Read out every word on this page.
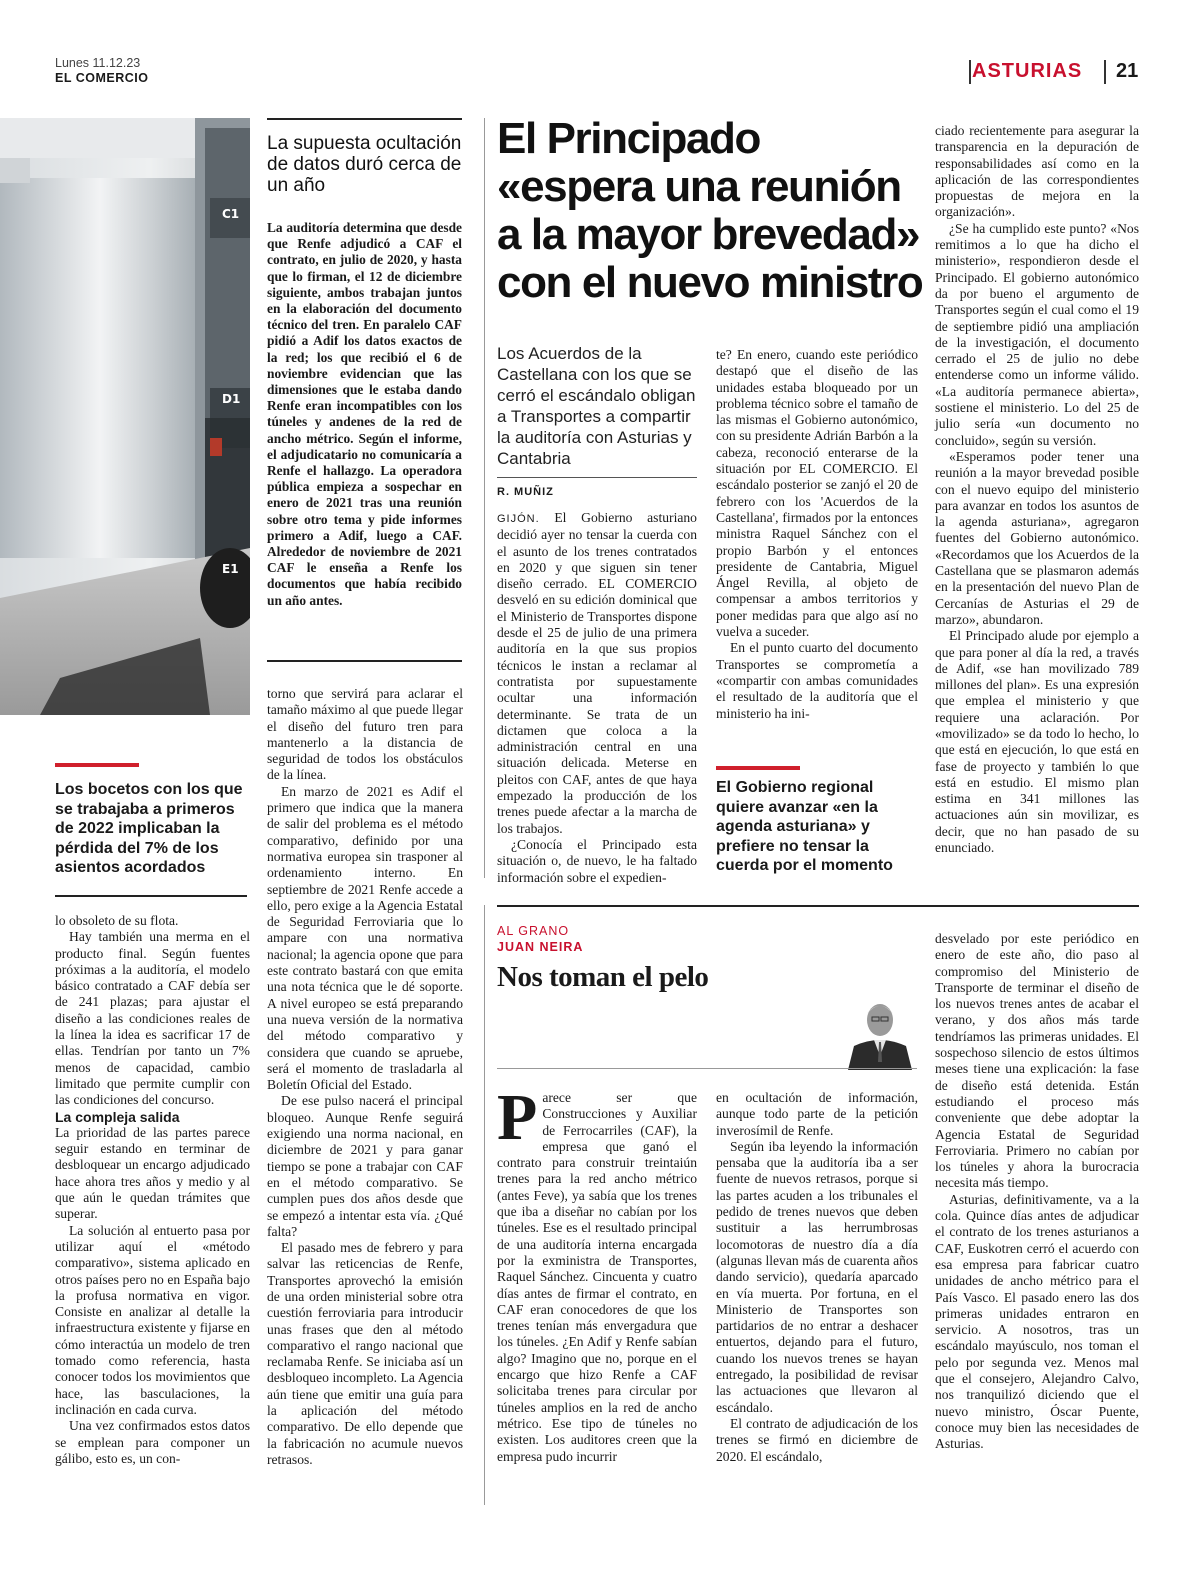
Lunes 11.12.23
EL COMERCIO	ASTURIAS 21
C1
D1
E1
La supuesta ocultación de datos duró cerca de un año
La auditoría determina que desde que Renfe adjudicó a CAF el contrato, en julio de 2020, y hasta que lo firman, el 12 de diciembre siguiente, ambos trabajan juntos en la elaboración del documento técnico del tren. En paralelo CAF pidió a Adif los datos exactos de la red; los que recibió el 6 de noviembre evidencian que las dimensiones que le estaba dando Renfe eran incompatibles con los túneles y andenes de la red de ancho métrico. Según el informe, el adjudicatario no comunicaría a Renfe el hallazgo. La operadora pública empieza a sospechar en enero de 2021 tras una reunión sobre otro tema y pide informes primero a Adif, luego a CAF. Alrededor de noviembre de 2021 CAF le enseña a Renfe los documentos que había recibido un año antes.
El Principado «espera una reunión a la mayor brevedad» con el nuevo ministro
Los Acuerdos de la Castellana con los que se cerró el escándalo obligan a Transportes a compartir la auditoría con Asturias y Cantabria
R. MUÑIZ

GIJÓN. El Gobierno asturiano decidió ayer no tensar la cuerda con el asunto de los trenes contratados en 2020 y que siguen sin tener diseño cerrado. EL COMERCIO desveló en su edición dominical que el Ministerio de Transportes dispone desde el 25 de julio de una primera auditoría en la que sus propios técnicos le instan a reclamar al contratista por supuestamente ocultar una información determinante. Se trata de un dictamen que coloca a la administración central en una situación delicada. Meterse en pleitos con CAF, antes de que haya empezado la producción de los trenes puede afectar a la marcha de los trabajos.

¿Conocía el Principado esta situación o, de nuevo, le ha faltado información sobre el expedien-

te? En enero, cuando este periódico destapó que el diseño de las unidades estaba bloqueado por un problema técnico sobre el tamaño de las mismas el Gobierno autonómico, con su presidente Adrián Barbón a la cabeza, reconoció enterarse de la situación por EL COMERCIO. El escándalo posterior se zanjó el 20 de febrero con los 'Acuerdos de la Castellana', firmados por la entonces ministra Raquel Sánchez con el propio Barbón y el entonces presidente de Cantabria, Miguel Ángel Revilla, al objeto de compensar a ambos territorios y poner medidas para que algo así no vuelva a suceder.

En el punto cuarto del documento Transportes se comprometía a «compartir con ambas comunidades el resultado de la auditoría que el ministerio ha ini-

El Gobierno regional quiere avanzar «en la agenda asturiana» y prefiere no tensar la cuerda por el momento

ciado recientemente para asegurar la transparencia en la depuración de responsabilidades así como en la aplicación de las correspondientes propuestas de mejora en la organización».

¿Se ha cumplido este punto? «Nos remitimos a lo que ha dicho el ministerio», respondieron desde el Principado. El gobierno autonómico da por bueno el argumento de Transportes según el cual como el 19 de septiembre pidió una ampliación de la investigación, el documento cerrado el 25 de julio no debe entenderse como un informe válido. «La auditoría permanece abierta», sostiene el ministerio. Lo del 25 de julio sería «un documento no concluido», según su versión.

«Esperamos poder tener una reunión a la mayor brevedad posible con el nuevo equipo del ministerio para avanzar en todos los asuntos de la agenda asturiana», agregaron fuentes del Gobierno autonómico. «Recordamos que los Acuerdos de la Castellana que se plasmaron además en la presentación del nuevo Plan de Cercanías de Asturias el 29 de marzo», abundaron.

El Principado alude por ejemplo a que para poner al día la red, a través de Adif, «se han movilizado 789 millones del plan». Es una expresión que emplea el ministerio y que requiere una aclaración. Por «movilizado» se da todo lo hecho, lo que está en ejecución, lo que está en fase de proyecto y también lo que está en estudio. El mismo plan estima en 341 millones las actuaciones aún sin movilizar, es decir, que no han pasado de su enunciado.

Los bocetos con los que se trabajaba a primeros de 2022 implicaban la pérdida del 7% de los asientos acordados

lo obsoleto de su flota.

Hay también una merma en el producto final. Según fuentes próximas a la auditoría, el modelo básico contratado a CAF debía ser de 241 plazas; para ajustar el diseño a las condiciones reales de la línea la idea es sacrificar 17 de ellas. Tendrían por tanto un 7% menos de capacidad, cambio limitado que permite cumplir con las condiciones del concurso.

La compleja salida

La prioridad de las partes parece seguir estando en terminar de desbloquear un encargo adjudicado hace ahora tres años y medio y al que aún le quedan trámites que superar.

La solución al entuerto pasa por utilizar aquí el «método comparativo», sistema aplicado en otros países pero no en España bajo la profusa normativa en vigor. Consiste en analizar al detalle la infraestructura existente y fijarse en cómo interactúa un modelo de tren tomado como referencia, hasta conocer todos los movimientos que hace, las basculaciones, la inclinación en cada curva.

Una vez confirmados estos datos se emplean para componer un gálibo, esto es, un con-

torno que servirá para aclarar el tamaño máximo al que puede llegar el diseño del futuro tren para mantenerlo a la distancia de seguridad de todos los obstáculos de la línea.

En marzo de 2021 es Adif el primero que indica que la manera de salir del problema es el método comparativo, definido por una normativa europea sin trasponer al ordenamiento interno. En septiembre de 2021 Renfe accede a ello, pero exige a la Agencia Estatal de Seguridad Ferroviaria que lo ampare con una normativa nacional; la agencia opone que para este contrato bastará con que emita una nota técnica que le dé soporte. A nivel europeo se está preparando una nueva versión de la normativa del método comparativo y considera que cuando se apruebe, será el momento de trasladarla al Boletín Oficial del Estado.

De ese pulso nacerá el principal bloqueo. Aunque Renfe seguirá exigiendo una norma nacional, en diciembre de 2021 y para ganar tiempo se pone a trabajar con CAF en el método comparativo. Se cumplen pues dos años desde que se empezó a intentar esta vía. ¿Qué falta?

El pasado mes de febrero y para salvar las reticencias de Renfe, Transportes aprovechó la emisión de una orden ministerial sobre otra cuestión ferroviaria para introducir unas frases que den al método comparativo el rango nacional que reclamaba Renfe. Se iniciaba así un desbloqueo incompleto. La Agencia aún tiene que emitir una guía para la aplicación del método comparativo. De ello depende que la fabricación no acumule nuevos retrasos.

AL GRANO
JUAN NEIRA
Nos toman el pelo

Parece ser que Construcciones y Auxiliar de Ferrocarriles (CAF), la empresa que ganó el contrato para construir treintaiún trenes para la red ancho métrico (antes Feve), ya sabía que los trenes que iba a diseñar no cabían por los túneles. Ese es el resultado principal de una auditoría interna encargada por la exministra de Transportes, Raquel Sánchez. Cincuenta y cuatro días antes de firmar el contrato, en CAF eran conocedores de que los trenes tenían más envergadura que los túneles. ¿En Adif y Renfe sabían algo? Imagino que no, porque en el encargo que hizo Renfe a CAF solicitaba trenes para circular por túneles amplios en la red de ancho métrico. Ese tipo de túneles no existen. Los auditores creen que la empresa pudo incurrir

en ocultación de información, aunque todo parte de la petición inverosímil de Renfe.

Según iba leyendo la información pensaba que la auditoría iba a ser fuente de nuevos retrasos, porque si las partes acuden a los tribunales el pedido de trenes nuevos que deben sustituir a las herrumbrosas locomotoras de nuestro día a día (algunas llevan más de cuarenta años dando servicio), quedaría aparcado en vía muerta. Por fortuna, en el Ministerio de Transportes son partidarios de no entrar a deshacer entuertos, dejando para el futuro, cuando los nuevos trenes se hayan entregado, la posibilidad de revisar las actuaciones que llevaron al escándalo.

El contrato de adjudicación de los trenes se firmó en diciembre de 2020. El escándalo,

desvelado por este periódico en enero de este año, dio paso al compromiso del Ministerio de Transporte de terminar el diseño de los nuevos trenes antes de acabar el verano, y dos años más tarde tendríamos las primeras unidades. El sospechoso silencio de estos últimos meses tiene una explicación: la fase de diseño está detenida. Están estudiando el proceso más conveniente que debe adoptar la Agencia Estatal de Seguridad Ferroviaria. Primero no cabían por los túneles y ahora la burocracia necesita más tiempo.

Asturias, definitivamente, va a la cola. Quince días antes de adjudicar el contrato de los trenes asturianos a CAF, Euskotren cerró el acuerdo con esa empresa para fabricar cuatro unidades de ancho métrico para el País Vasco. El pasado enero las dos primeras unidades entraron en servicio. A nosotros, tras un escándalo mayúsculo, nos toman el pelo por segunda vez. Menos mal que el consejero, Alejandro Calvo, nos tranquilizó diciendo que el nuevo ministro, Óscar Puente, conoce muy bien las necesidades de Asturias.
